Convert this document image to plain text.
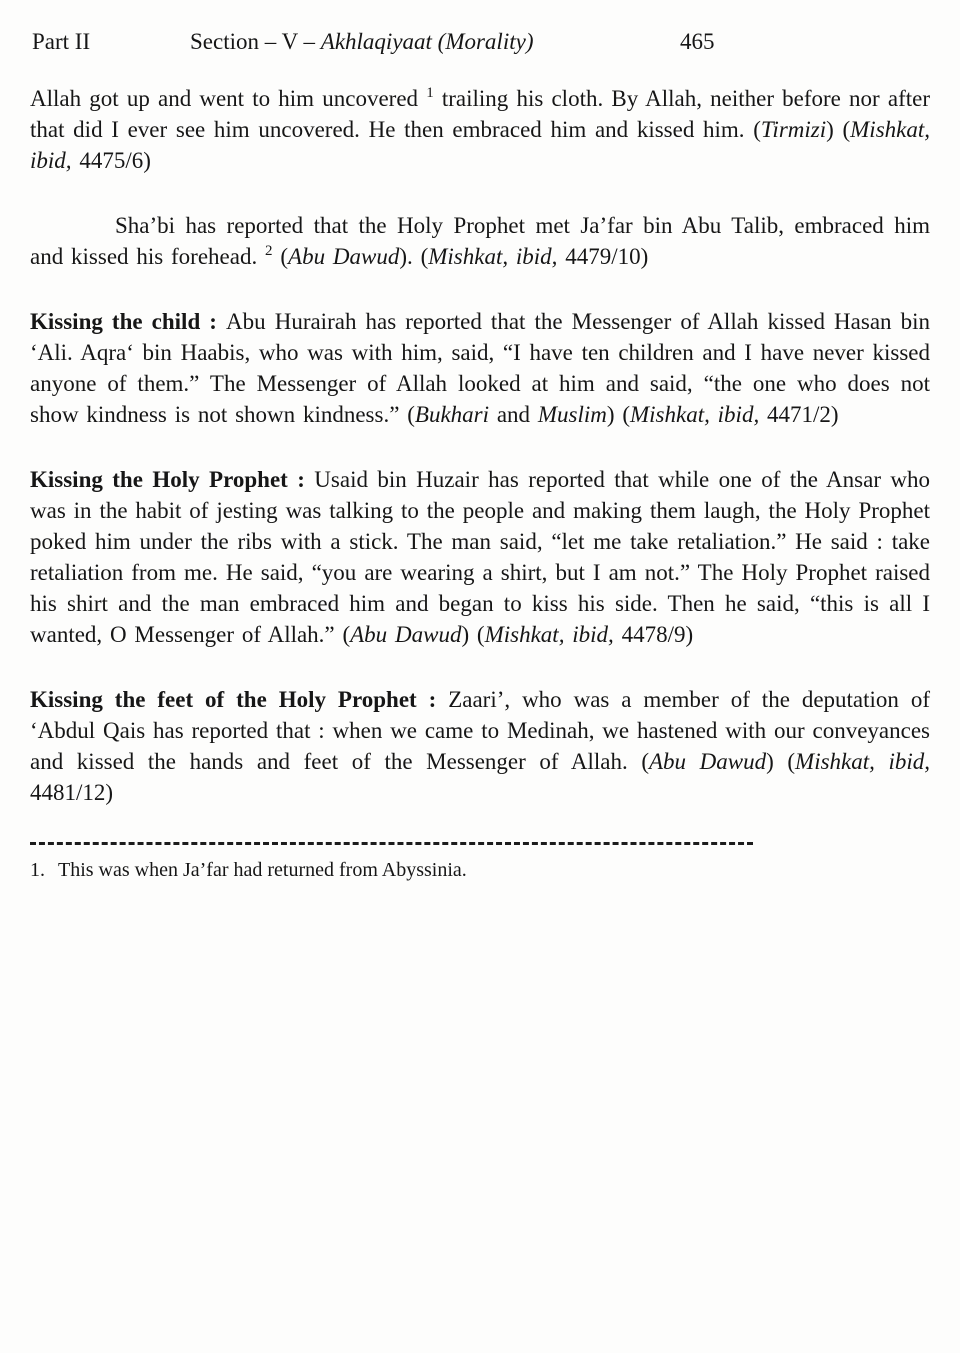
Part II	Section – V – Akhlaqiyaat (Morality)	465

Allah got up and went to him uncovered $^1$ trailing his cloth. By Allah, neither before nor after that did I ever see him uncovered. He then embraced him and kissed him. (Tirmizi) (Mishkat, ibid, 4475/6)

Sha’bi has reported that the Holy Prophet met Ja’far bin Abu Talib, embraced him and kissed his forehead. $^2$ (Abu Dawud). (Mishkat, ibid, 4479/10)

Kissing the child : Abu Hurairah has reported that the Messenger of Allah kissed Hasan bin ‘Ali. Aqra‘ bin Haabis, who was with him, said, “I have ten children and I have never kissed anyone of them.” The Messenger of Allah looked at him and said, “the one who does not show kindness is not shown kindness.” (Bukhari and Muslim) (Mishkat, ibid, 4471/2)

Kissing the Holy Prophet : Usaid bin Huzair has reported that while one of the Ansar who was in the habit of jesting was talking to the people and making them laugh, the Holy Prophet poked him under the ribs with a stick. The man said, “let me take retaliation.” He said : take retaliation from me. He said, “you are wearing a shirt, but I am not.” The Holy Prophet raised his shirt and the man embraced him and began to kiss his side. Then he said, “this is all I wanted, O Messenger of Allah.” (Abu Dawud) (Mishkat, ibid, 4478/9)

Kissing the feet of the Holy Prophet : Zaari’, who was a member of the deputation of ‘Abdul Qais has reported that : when we came to Medinah, we hastened with our conveyances and kissed the hands and feet of the Messenger of Allah. (Abu Dawud) (Mishkat, ibid, 4481/12)

1. This was when Ja’far had returned from Abyssinia.
